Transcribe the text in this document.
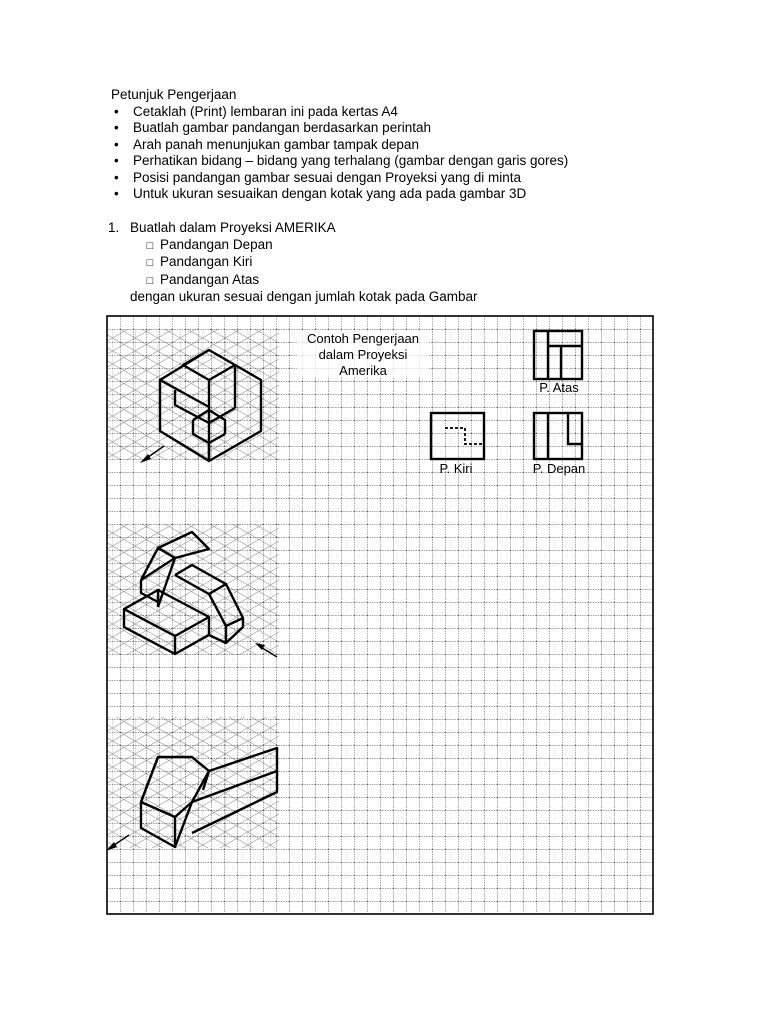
Petunjuk Pengerjaan
•	Cetaklah (Print) lembaran ini pada kertas A4
•	Buatlah gambar pandangan berdasarkan perintah
•	Arah panah menunjukan gambar tampak depan
•	Perhatikan bidang – bidang yang terhalang (gambar dengan garis gores)
•	Posisi pandangan gambar sesuai dengan Proyeksi yang di minta
•	Untuk ukuran sesuaikan dengan kotak yang ada pada gambar 3D
1. Buatlah dalam Proyeksi AMERIKA
□ Pandangan Depan
□ Pandangan Kiri
□ Pandangan Atas
dengan ukuran sesuai dengan jumlah kotak pada Gambar
Contoh Pengerjaan
dalam Proyeksi
Amerika
P. Atas
P. Kiri	P. Depan
